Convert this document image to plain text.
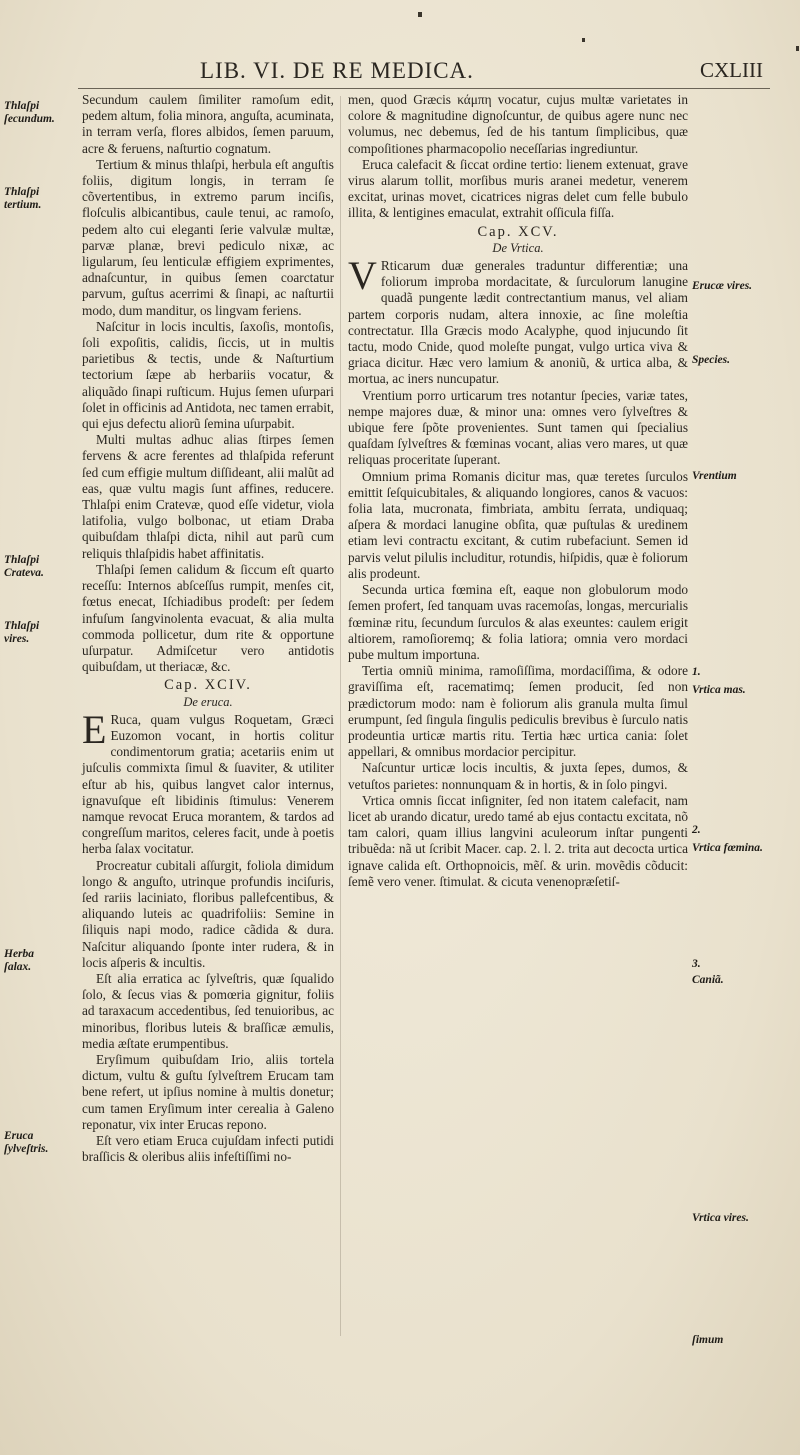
LIB. VI. DE RE MEDICA.	CXLIII
Thlaſpi ſecundum.
Thlaſpi tertium.
Thlaſpi Crateva.
Thlaſpi vires.
Herba ſalax.
Eruca ſylveſtris.
Erucæ vires.
Species.
Vrentium
1.
Vrtica mas.
2.
Vrtica fœmina.
3.
Caniã.
Vrtica vires.
ſimum

Secundum caulem ſimiliter ramoſum edit, pedem altum, folia minora, anguſta, acuminata, in terram verſa, flores albidos, ſemen paruum, acre & feruens, naſturtio cognatum.

Tertium & minus thlaſpi, herbula eſt anguſtis foliis, digitum longis, in terram ſe cõvertentibus, in extremo parum inciſis, floſculis albicantibus, caule tenui, ac ramoſo, pedem alto cui eleganti ſerie valvulæ multæ, parvæ planæ, brevi pediculo nixæ, ac ligularum, ſeu lenticulæ effigiem exprimentes, adnaſcuntur, in quibus ſemen coarctatur parvum, guſtus acerrimi & ſinapi, ac naſturtii modo, dum manditur, os lingvam feriens.

Naſcitur in locis incultis, ſaxoſis, montoſis, ſoli expoſitis, calidis, ſiccis, ut in multis parietibus & tectis, unde & Naſturtium tectorium ſæpe ab herbariis vocatur, & aliquãdo ſinapi ruſticum. Hujus ſemen uſurpari ſolet in officinis ad Antidota, nec tamen errabit, qui ejus defectu aliorũ ſemina uſurpabit.

Multi multas adhuc alias ſtirpes ſemen fervens & acre ferentes ad thlaſpida referunt ſed cum effigie multum diſſideant, alii malũt ad eas, quæ vultu magis ſunt affines, reducere. Thlaſpi enim Cratevæ, quod eſſe videtur, viola latifolia, vulgo bolbonac, ut etiam Draba quibuſdam thlaſpi dicta, nihil aut parũ cum reliquis thlaſpidis habet affinitatis.

Thlaſpi ſemen calidum & ſiccum eſt quarto receſſu: Internos abſceſſus rumpit, menſes cit, fœtus enecat, Iſchiadibus prodeſt: per ſedem infuſum ſangvinolenta evacuat, & alia multa commoda pollicetur, dum rite & opportune uſurpatur. Admiſcetur vero antidotis quibuſdam, ut theriacæ, &c.

Cap. XCIV.

De eruca.

E Ruca, quam vulgus Roquetam, Græci Euzomon vocant, in hortis colitur condimentorum gratia; acetariis enim ut juſculis commixta ſimul & ſuaviter, & utiliter eſtur ab his, quibus langvet calor internus, ignavuſque eſt libidinis ſtimulus: Venerem namque revocat Eruca morantem, & tardos ad congreſſum maritos, celeres facit, unde à poetis herba ſalax vocitatur.

Procreatur cubitali aſſurgit, foliola dimidum longo & anguſto, utrinque profundis inciſuris, ſed rariis laciniato, floribus pallefcentibus, & aliquando luteis ac quadrifoliis: Semine in ſiliquis napi modo, radice cãdida & dura. Naſcitur aliquando ſponte inter rudera, & in locis aſperis & incultis.

Eſt alia erratica ac ſylveſtris, quæ ſqualido ſolo, & ſecus vias & pomœria gignitur, foliis ad taraxacum accedentibus, ſed tenuioribus, ac minoribus, floribus luteis & braſſicæ æmulis, media æſtate erumpentibus.

Eryſimum quibuſdam Irio, aliis tortela dictum, vultu & guſtu ſylveſtrem Erucam tam bene refert, ut ipſius nomine à multis donetur; cum tamen Eryſimum inter cerealia à Galeno reponatur, vix inter Erucas repono.

Eſt vero etiam Eruca cujuſdam infecti putidi braſſicis & oleribus aliis infeſtiſſimi no-

men, quod Græcis κάμπη vocatur, cujus multæ varietates in colore & magnitudine dignoſcuntur, de quibus agere nunc nec volumus, nec debemus, ſed de his tantum ſimplicibus, quæ compoſitiones pharmacopolio neceſſarias ingrediuntur.

Eruca calefacit & ſiccat ordine tertio: lienem extenuat, grave virus alarum tollit, morſibus muris aranei medetur, venerem excitat, urinas movet, cicatrices nigras delet cum felle bubulo illita, & lentigines emaculat, extrahit oſſicula fiſſa.

Cap. XCV.

De Vrtica.

V Rticarum duæ generales traduntur differentiæ; una foliorum improba mordacitate, & ſurculorum lanugine quadã pungente lædit contrectantium manus, vel aliam partem corporis nudam, altera innoxie, ac ſine moleſtia contrectatur. Illa Græcis modo Acalyphe, quod injucundo ſit tactu, modo Cnide, quod moleſte pungat, vulgo urtica viva & griaca dicitur. Hæc vero lamium & anoniũ, & urtica alba, & mortua, ac iners nuncupatur.

Vrentium porro urticarum tres notantur ſpecies, variæ tates, nempe majores duæ, & minor una: omnes vero ſylveſtres & ubique fere ſpõte provenientes. Sunt tamen qui ſpecialius quaſdam ſylveſtres & fœminas vocant, alias vero mares, ut quæ reliquas proceritate ſuperant.

Omnium prima Romanis dicitur mas, quæ teretes ſurculos emittit ſeſquicubitales, & aliquando longiores, canos & vacuos: folia lata, mucronata, fimbriata, ambitu ſerrata, undiquaq; aſpera & mordaci lanugine obſita, quæ puſtulas & uredinem etiam levi contractu excitant, & cutim rubefaciunt. Semen id parvis velut pilulis includitur, rotundis, hiſpidis, quæ è foliorum alis prodeunt.

Secunda urtica fœmina eſt, eaque non globulorum modo ſemen profert, ſed tanquam uvas racemoſas, longas, mercurialis fœminæ ritu, ſecundum ſurculos & alas exeuntes: caulem erigit altiorem, ramoſioremq; & folia latiora; omnia vero mordaci pube multum importuna.

Tertia omniũ minima, ramoſiſſima, mordaciſſima, & odore graviſſima eſt, racematimq; ſemen producit, ſed non prædictorum modo: nam è foliorum alis granula multa ſimul erumpunt, ſed ſingula ſingulis pediculis brevibus è ſurculo natis prodeuntia urticæ martis ritu. Tertia hæc urtica cania: ſolet appellari, & omnibus mordacior percipitur.

Naſcuntur urticæ locis incultis, & juxta ſepes, dumos, & vetuſtos parietes: nonnunquam & in hortis, & in ſolo pingvi.

Vrtica omnis ſiccat inſigniter, ſed non itatem calefacit, nam licet ab urando dicatur, uredo tamé ab ejus contactu excitata, nõ tam calori, quam illius langvini aculeorum inſtar pungenti tribuẽda: nã ut ſcribit Macer. cap. 2. l. 2. trita aut decocta urtica ignave calida eſt. Orthopnoicis, mẽſ. & urin. movẽdis cõducit: ſemẽ vero vener. ſtimulat. & cicuta venenopræſetiſ-
